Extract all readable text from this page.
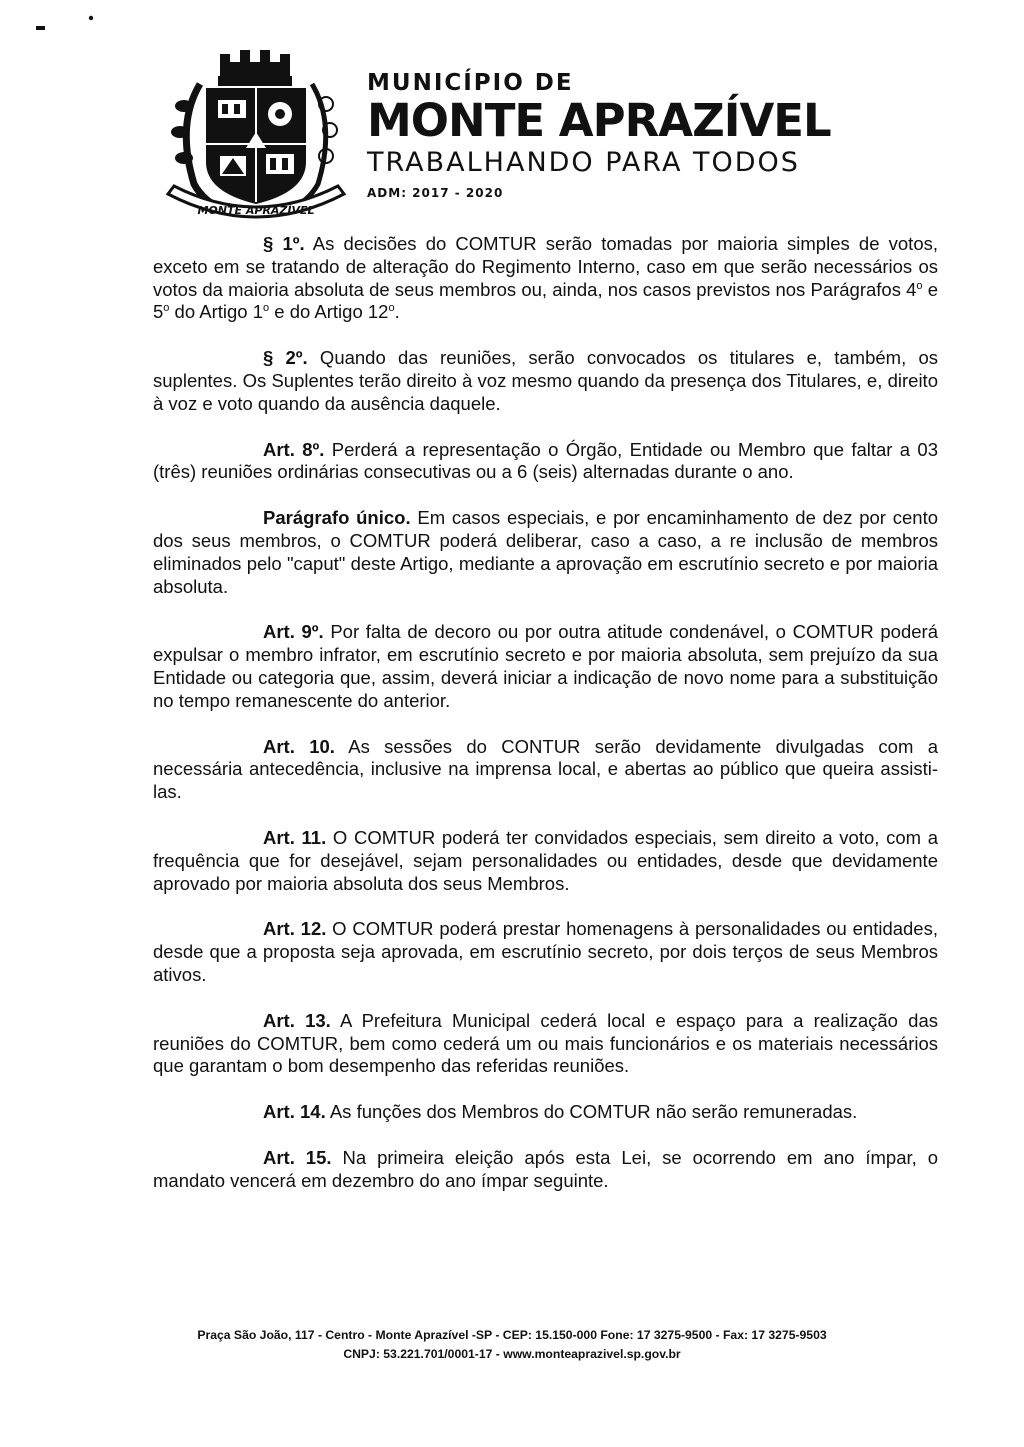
MONTE APRAZÍVEL
MUNICÍPIO DE
MONTE APRAZÍVEL
TRABALHANDO PARA TODOS
ADM: 2017 - 2020

§ 1º. As decisões do COMTUR serão tomadas por maioria simples de votos, exceto em se tratando de alteração do Regimento Interno, caso em que serão necessários os votos da maioria absoluta de seus membros ou, ainda, nos casos previstos nos Parágrafos 4$^o$ e 5$^o$ do Artigo 1$^o$ e do Artigo 12$^o$.

§ 2º. Quando das reuniões, serão convocados os titulares e, também, os suplentes. Os Suplentes terão direito à voz mesmo quando da presença dos Titulares, e, direito à voz e voto quando da ausência daquele.

Art. 8º. Perderá a representação o Órgão, Entidade ou Membro que faltar a 03 (três) reuniões ordinárias consecutivas ou a 6 (seis) alternadas durante o ano.

Parágrafo único. Em casos especiais, e por encaminhamento de dez por cento dos seus membros, o COMTUR poderá deliberar, caso a caso, a re inclusão de membros eliminados pelo "caput" deste Artigo, mediante a aprovação em escrutínio secreto e por maioria absoluta.

Art. 9º. Por falta de decoro ou por outra atitude condenável, o COMTUR poderá expulsar o membro infrator, em escrutínio secreto e por maioria absoluta, sem prejuízo da sua Entidade ou categoria que, assim, deverá iniciar a indicação de novo nome para a substituição no tempo remanescente do anterior.

Art. 10. As sessões do CONTUR serão devidamente divulgadas com a necessária antecedência, inclusive na imprensa local, e abertas ao público que queira assisti-las.

Art. 11. O COMTUR poderá ter convidados especiais, sem direito a voto, com a frequência que for desejável, sejam personalidades ou entidades, desde que devidamente aprovado por maioria absoluta dos seus Membros.

Art. 12. O COMTUR poderá prestar homenagens à personalidades ou entidades, desde que a proposta seja aprovada, em escrutínio secreto, por dois terços de seus Membros ativos.

Art. 13. A Prefeitura Municipal cederá local e espaço para a realização das reuniões do COMTUR, bem como cederá um ou mais funcionários e os materiais necessários que garantam o bom desempenho das referidas reuniões.

Art. 14. As funções dos Membros do COMTUR não serão remuneradas.

Art. 15. Na primeira eleição após esta Lei, se ocorrendo em ano ímpar, o mandato vencerá em dezembro do ano ímpar seguinte.

Praça São João, 117 - Centro - Monte Aprazível -SP - CEP: 15.150-000 Fone: 17 3275-9500 - Fax: 17 3275-9503
CNPJ: 53.221.701/0001-17 - www.monteaprazivel.sp.gov.br
